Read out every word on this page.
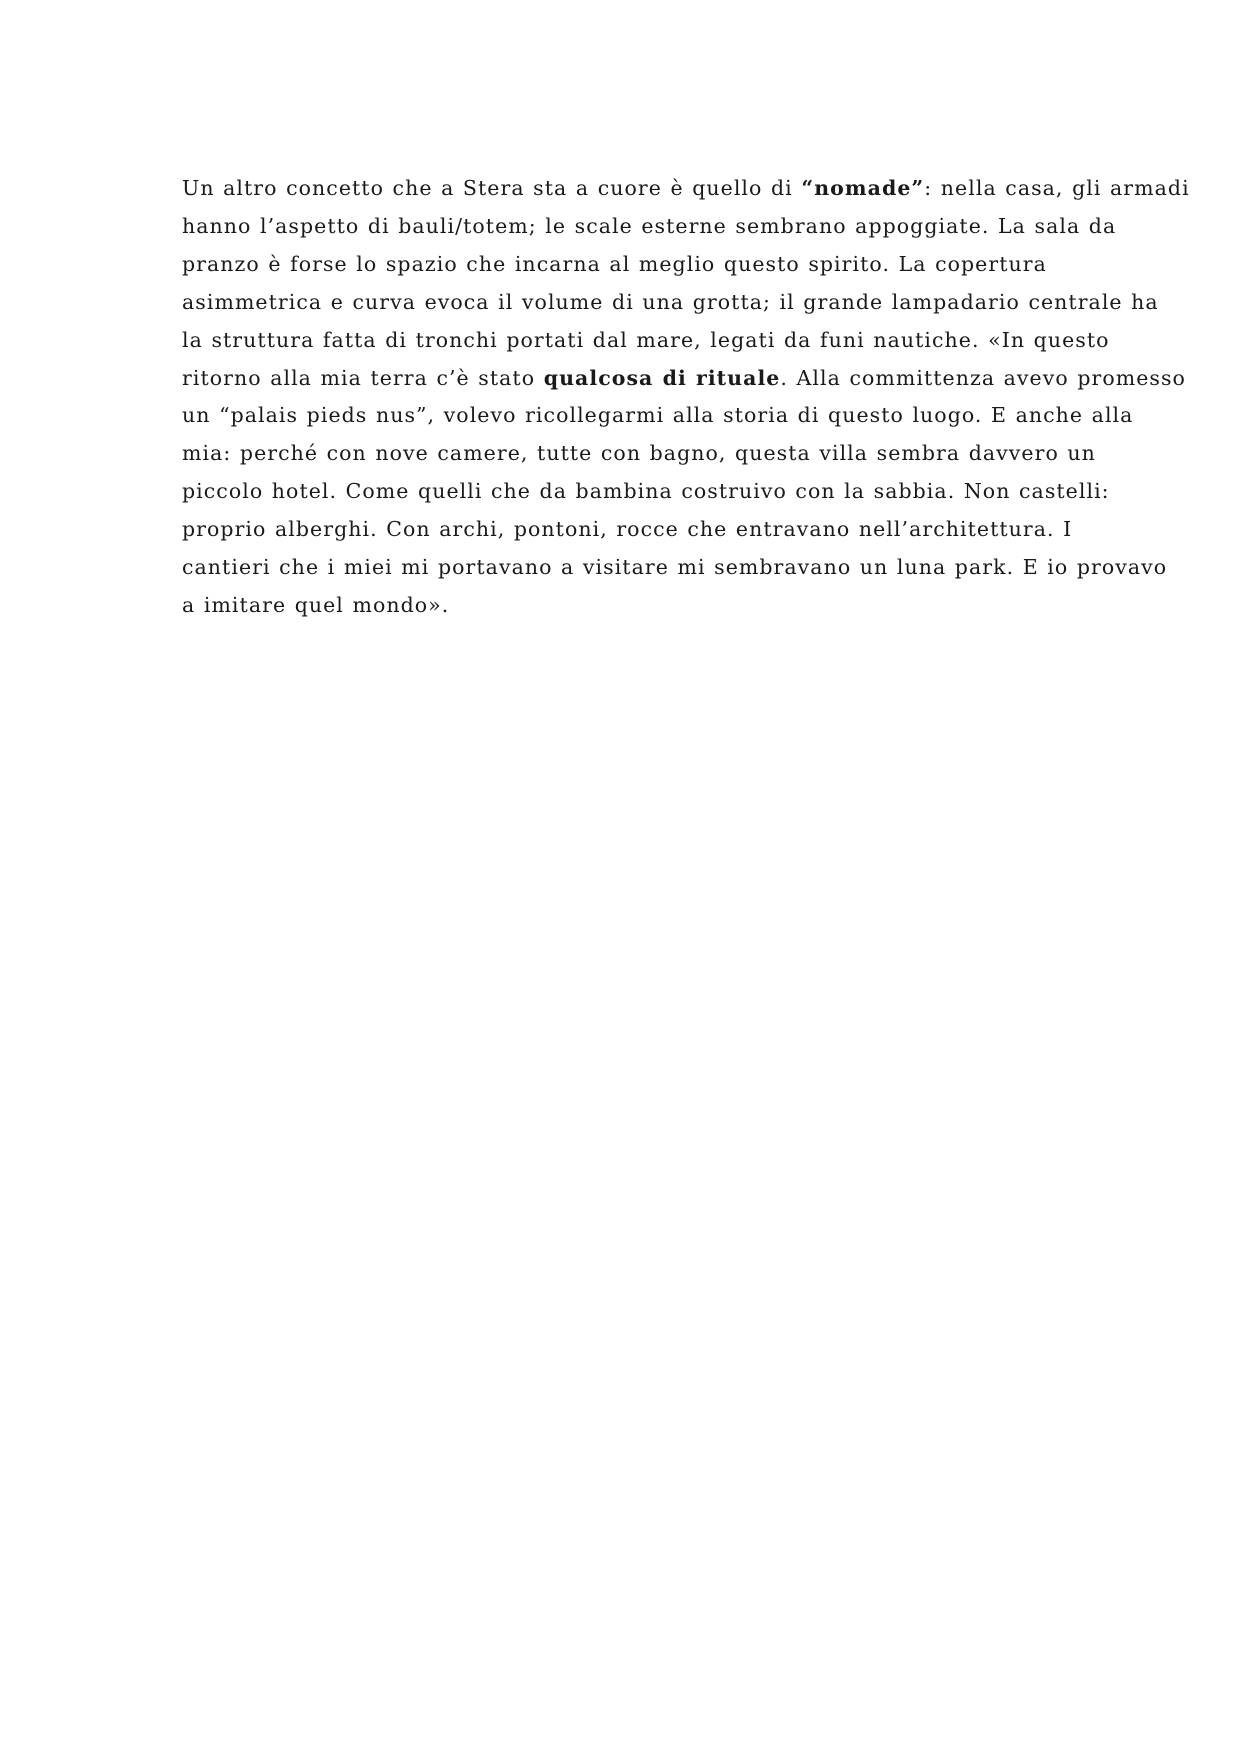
Un altro concetto che a Stera sta a cuore è quello di “nomade”: nella casa, gli armadi
hanno l’aspetto di bauli/totem; le scale esterne sembrano appoggiate. La sala da
pranzo è forse lo spazio che incarna al meglio questo spirito. La copertura
asimmetrica e curva evoca il volume di una grotta; il grande lampadario centrale ha
la struttura fatta di tronchi portati dal mare, legati da funi nautiche. «In questo
ritorno alla mia terra c’è stato qualcosa di rituale. Alla committenza avevo promesso
un “palais pieds nus”, volevo ricollegarmi alla storia di questo luogo. E anche alla
mia: perché con nove camere, tutte con bagno, questa villa sembra davvero un
piccolo hotel. Come quelli che da bambina costruivo con la sabbia. Non castelli:
proprio alberghi. Con archi, pontoni, rocce che entravano nell’architettura. I
cantieri che i miei mi portavano a visitare mi sembravano un luna park. E io provavo
a imitare quel mondo».
